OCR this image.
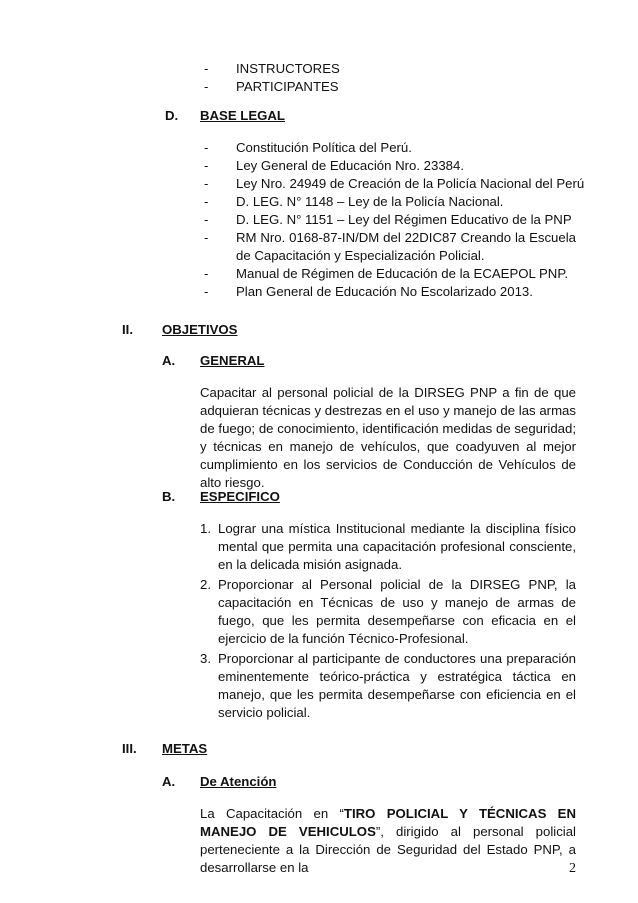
- INSTRUCTORES
- PARTICIPANTES
D. BASE LEGAL
- Constitución Política del Perú.
- Ley General de Educación Nro. 23384.
- Ley Nro. 24949 de Creación de la Policía Nacional del Perú
- D. LEG. N° 1148 – Ley de la Policía Nacional.
- D. LEG. N° 1151 – Ley del Régimen Educativo de la PNP
- RM Nro. 0168-87-IN/DM del 22DIC87 Creando la Escuela de Capacitación y Especialización Policial.
- Manual de Régimen de Educación de la ECAEPOL PNP.
- Plan General de Educación No Escolarizado 2013.
II. OBJETIVOS
A. GENERAL
Capacitar al personal policial de la DIRSEG PNP a fin de que adquieran técnicas y destrezas en el uso y manejo de las armas de fuego; de conocimiento, identificación medidas de seguridad; y técnicas en manejo de vehículos, que coadyuven al mejor cumplimiento en los servicios de Conducción de Vehículos de alto riesgo.
B. ESPECIFICO
1. Lograr una mística Institucional mediante la disciplina físico mental que permita una capacitación profesional consciente, en la delicada misión asignada.
2. Proporcionar al Personal policial de la DIRSEG PNP, la capacitación en Técnicas de uso y manejo de armas de fuego, que les permita desempeñarse con eficacia en el ejercicio de la función Técnico-Profesional.
3. Proporcionar al participante de conductores una preparación eminentemente teórico-práctica y estratégica táctica en manejo, que les permita desempeñarse con eficiencia en el servicio policial.
III. METAS
A. De Atención
La Capacitación en “TIRO POLICIAL Y TÉCNICAS EN MANEJO DE VEHICULOS”, dirigido al personal policial perteneciente a la Dirección de Seguridad del Estado PNP, a desarrollarse en la	2
